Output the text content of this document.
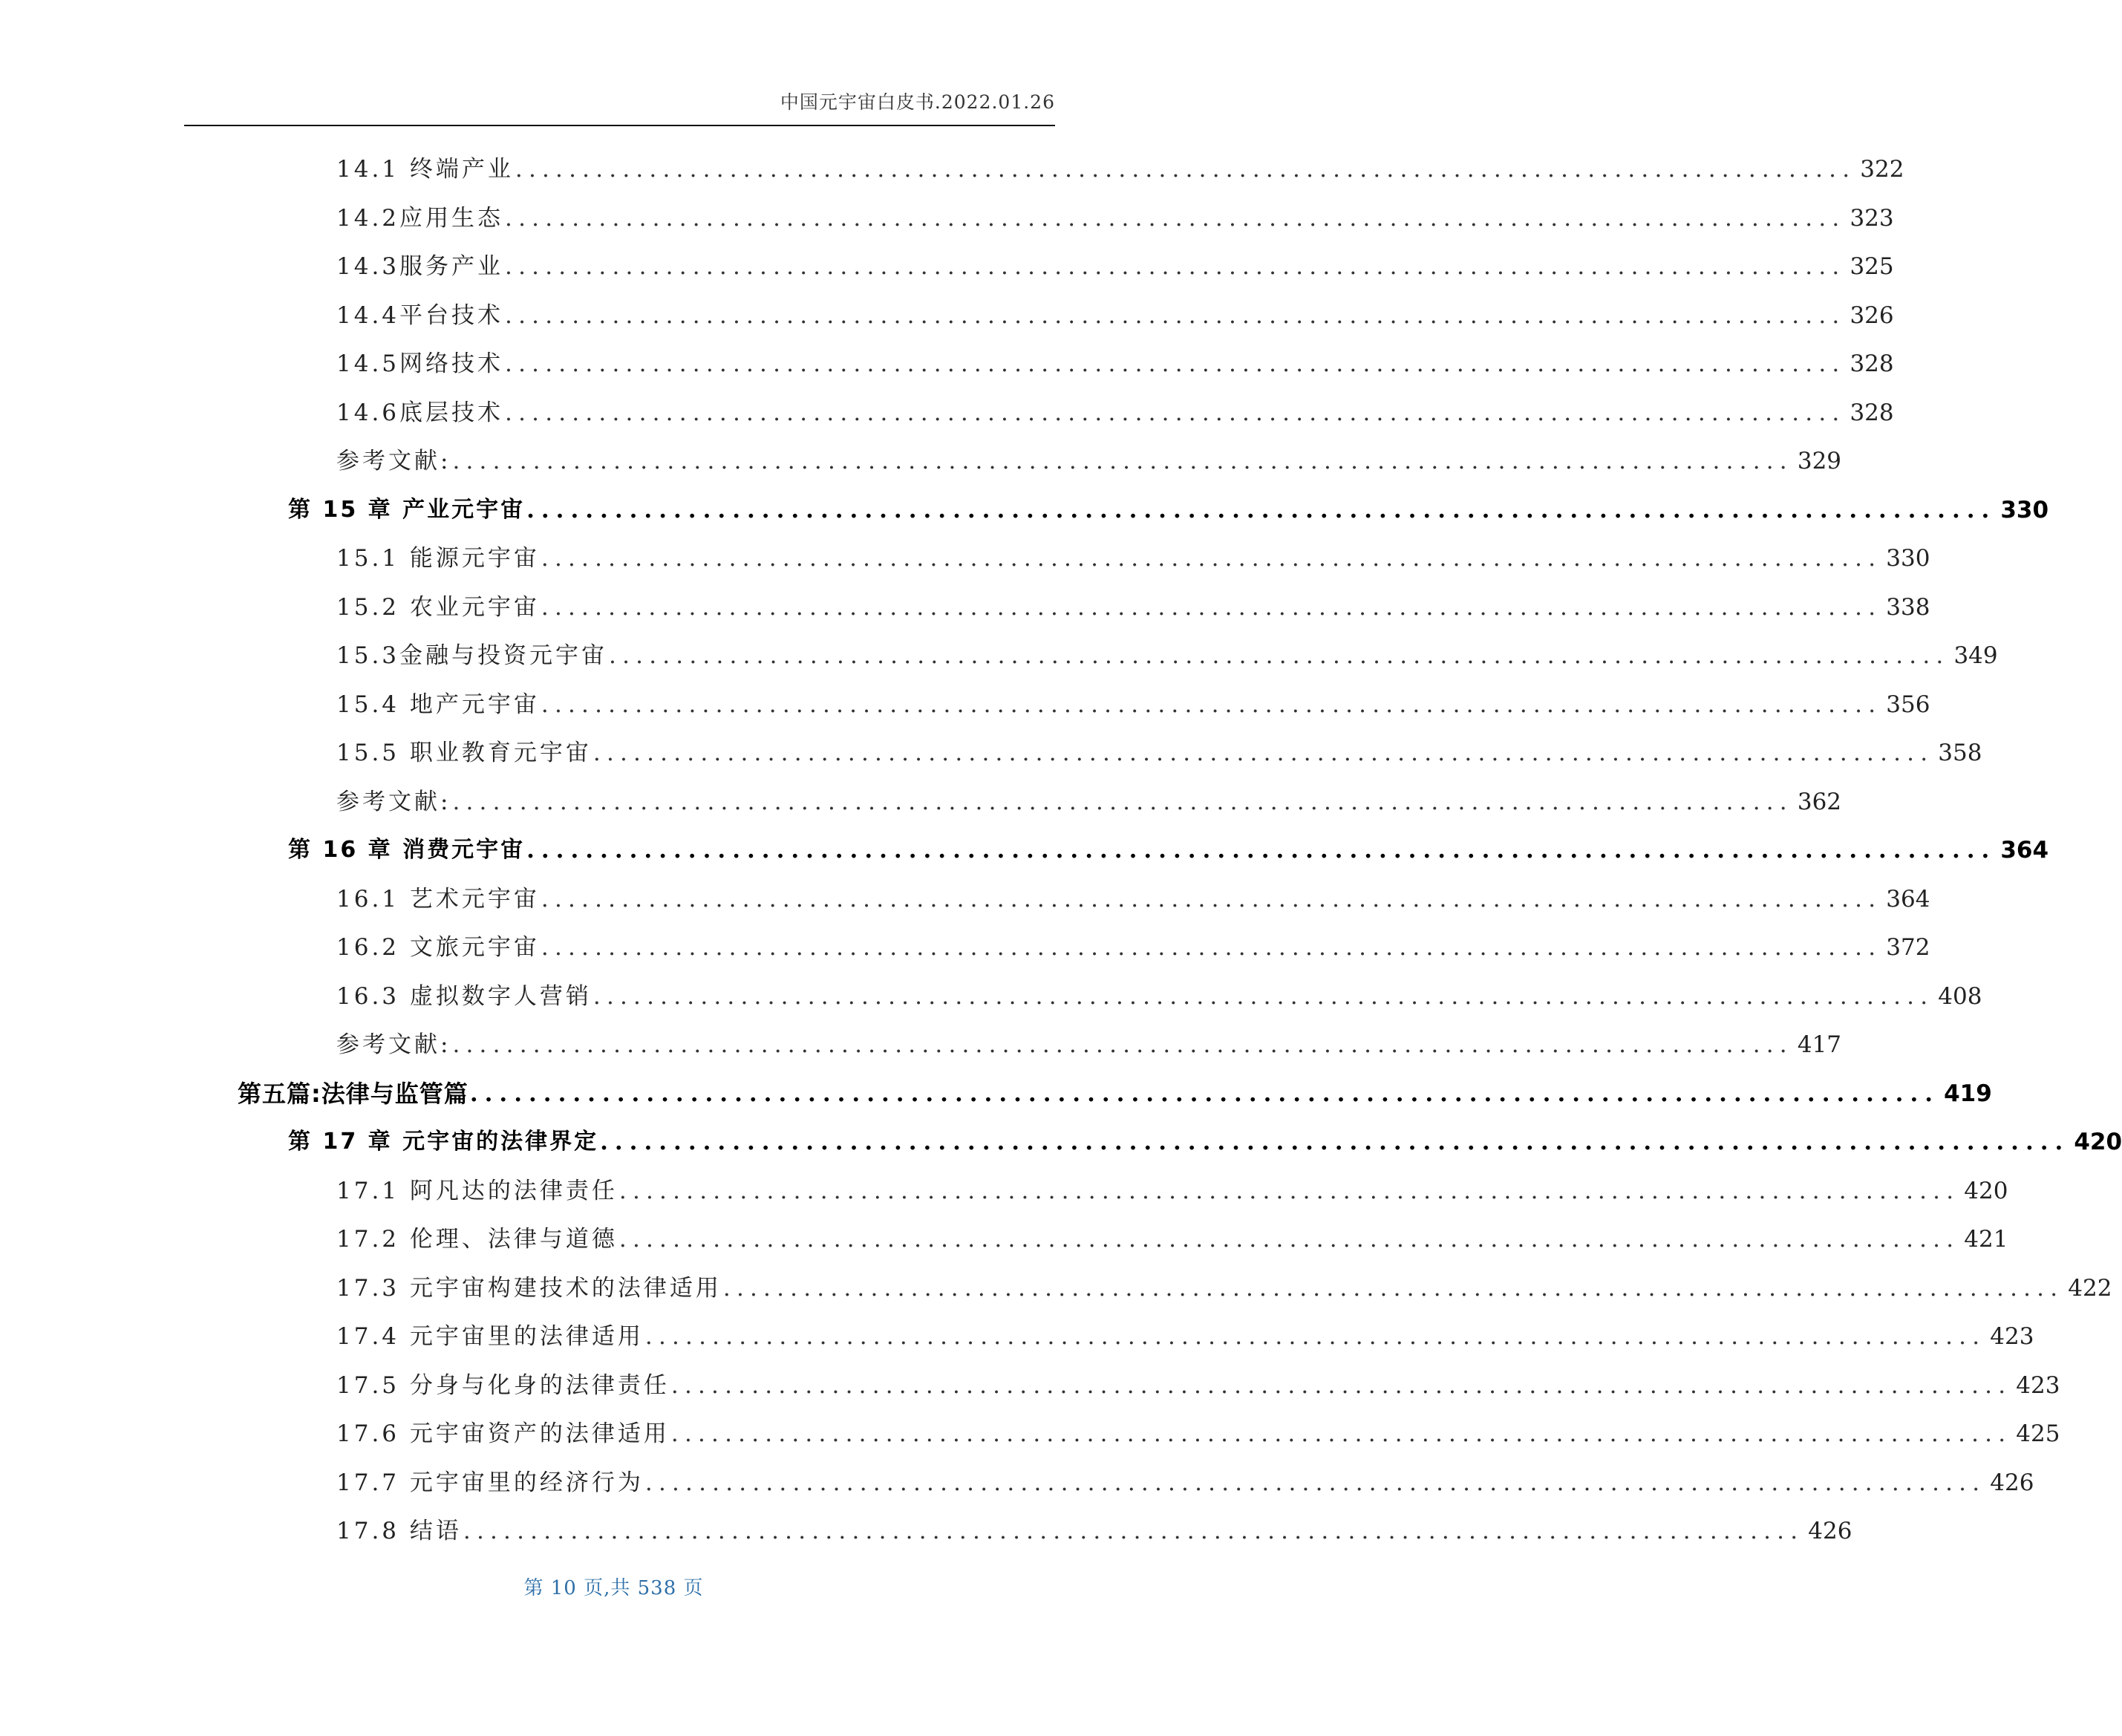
中国元宇宙白皮书.2022.01.26
14.1 终端产业 .................................................................................................... 322
14.2应用生态 .................................................................................................... 323
14.3服务产业 .................................................................................................... 325
14.4平台技术 .................................................................................................... 326
14.5网络技术 .................................................................................................... 328
14.6底层技术 .................................................................................................... 328
参考文献: .................................................................................................... 329
第 15 章 产业元宇宙 .................................................................................................... 330
15.1 能源元宇宙 .................................................................................................... 330
15.2 农业元宇宙 .................................................................................................... 338
15.3金融与投资元宇宙 .................................................................................................... 349
15.4 地产元宇宙 .................................................................................................... 356
15.5 职业教育元宇宙 .................................................................................................... 358
参考文献: .................................................................................................... 362
第 16 章 消费元宇宙 .................................................................................................... 364
16.1 艺术元宇宙 .................................................................................................... 364
16.2 文旅元宇宙 .................................................................................................... 372
16.3 虚拟数字人营销 .................................................................................................... 408
参考文献: .................................................................................................... 417
第五篇:法律与监管篇 .................................................................................................... 419
第 17 章 元宇宙的法律界定 .................................................................................................... 420
17.1 阿凡达的法律责任 .................................................................................................... 420
17.2 伦理、法律与道德 .................................................................................................... 421
17.3 元宇宙构建技术的法律适用 .................................................................................................... 422
17.4 元宇宙里的法律适用 .................................................................................................... 423
17.5 分身与化身的法律责任 .................................................................................................... 423
17.6 元宇宙资产的法律适用 .................................................................................................... 425
17.7 元宇宙里的经济行为 .................................................................................................... 426
17.8 结语 .................................................................................................... 426
第 10 页,共 538 页
